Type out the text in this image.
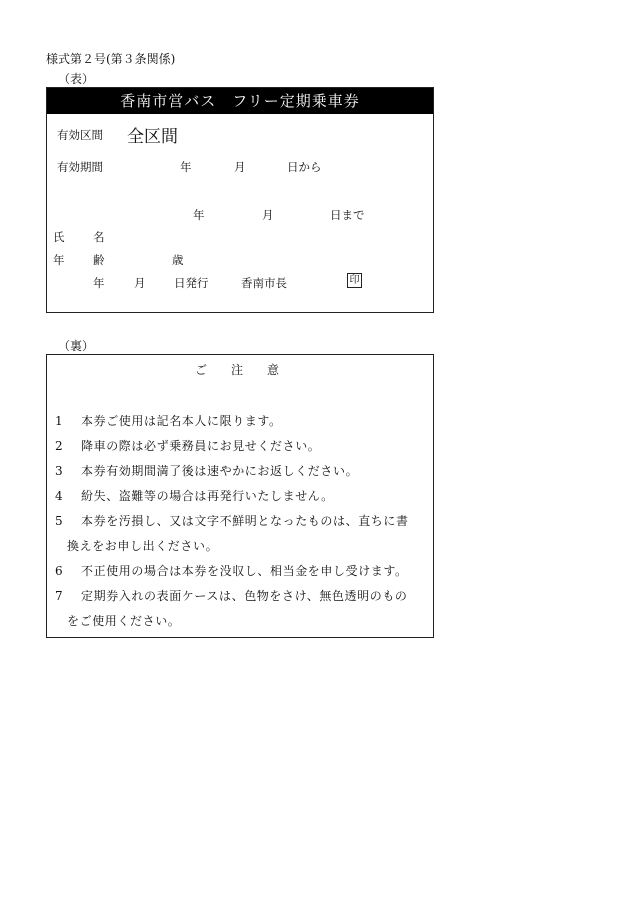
様式第２号(第３条関係)
（表）
香南市営バス　フリー定期乗車券
有効区間 全区間
有効期間	年	月	日から
年	月	日まで
氏 名
年 齢	歳
年	月 日発行	香南市長	印
（裏）
ご　　注　　意
1 本券ご使用は記名本人に限ります。
2 降車の際は必ず乗務員にお見せください。
3 本券有効期間満了後は速やかにお返しください。
4 紛失、盗難等の場合は再発行いたしません。
5 本券を汚損し、又は文字不鮮明となったものは、直ちに書
換えをお申し出ください。
6 不正使用の場合は本券を没収し、相当金を申し受けます。
7 定期券入れの表面ケースは、色物をさけ、無色透明のもの
をご使用ください。
